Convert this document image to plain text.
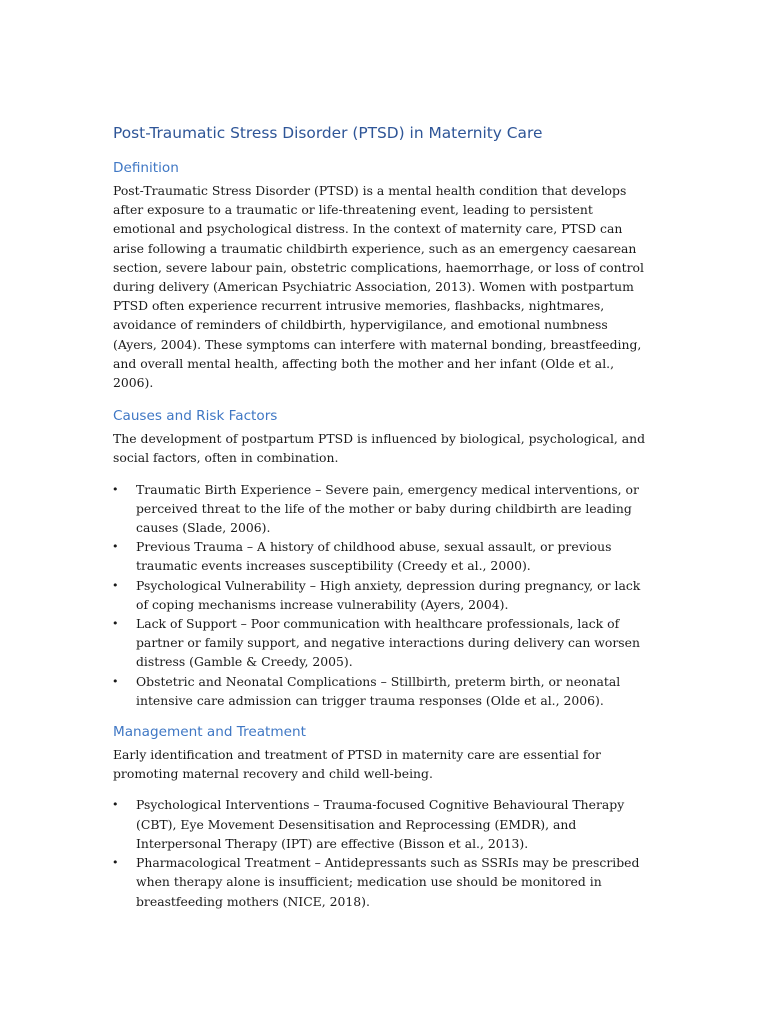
Post-Traumatic Stress Disorder (PTSD) in Maternity Care
Definition

Post-Traumatic Stress Disorder (PTSD) is a mental health condition that develops after exposure to a traumatic or life-threatening event, leading to persistent emotional and psychological distress. In the context of maternity care, PTSD can arise following a traumatic childbirth experience, such as an emergency caesarean section, severe labour pain, obstetric complications, haemorrhage, or loss of control during delivery (American Psychiatric Association, 2013). Women with postpartum PTSD often experience recurrent intrusive memories, flashbacks, nightmares, avoidance of reminders of childbirth, hypervigilance, and emotional numbness (Ayers, 2004). These symptoms can interfere with maternal bonding, breastfeeding, and overall mental health, affecting both the mother and her infant (Olde et al., 2006).

Causes and Risk Factors

The development of postpartum PTSD is influenced by biological, psychological, and social factors, often in combination.

• Traumatic Birth Experience – Severe pain, emergency medical interventions, or perceived threat to the life of the mother or baby during childbirth are leading causes (Slade, 2006).
• Previous Trauma – A history of childhood abuse, sexual assault, or previous traumatic events increases susceptibility (Creedy et al., 2000).
• Psychological Vulnerability – High anxiety, depression during pregnancy, or lack of coping mechanisms increase vulnerability (Ayers, 2004).
• Lack of Support – Poor communication with healthcare professionals, lack of partner or family support, and negative interactions during delivery can worsen distress (Gamble & Creedy, 2005).
• Obstetric and Neonatal Complications – Stillbirth, preterm birth, or neonatal intensive care admission can trigger trauma responses (Olde et al., 2006).
Management and Treatment

Early identification and treatment of PTSD in maternity care are essential for promoting maternal recovery and child well-being.

• Psychological Interventions – Trauma-focused Cognitive Behavioural Therapy (CBT), Eye Movement Desensitisation and Reprocessing (EMDR), and Interpersonal Therapy (IPT) are effective (Bisson et al., 2013).
• Pharmacological Treatment – Antidepressants such as SSRIs may be prescribed when therapy alone is insufficient; medication use should be monitored in breastfeeding mothers (NICE, 2018).
